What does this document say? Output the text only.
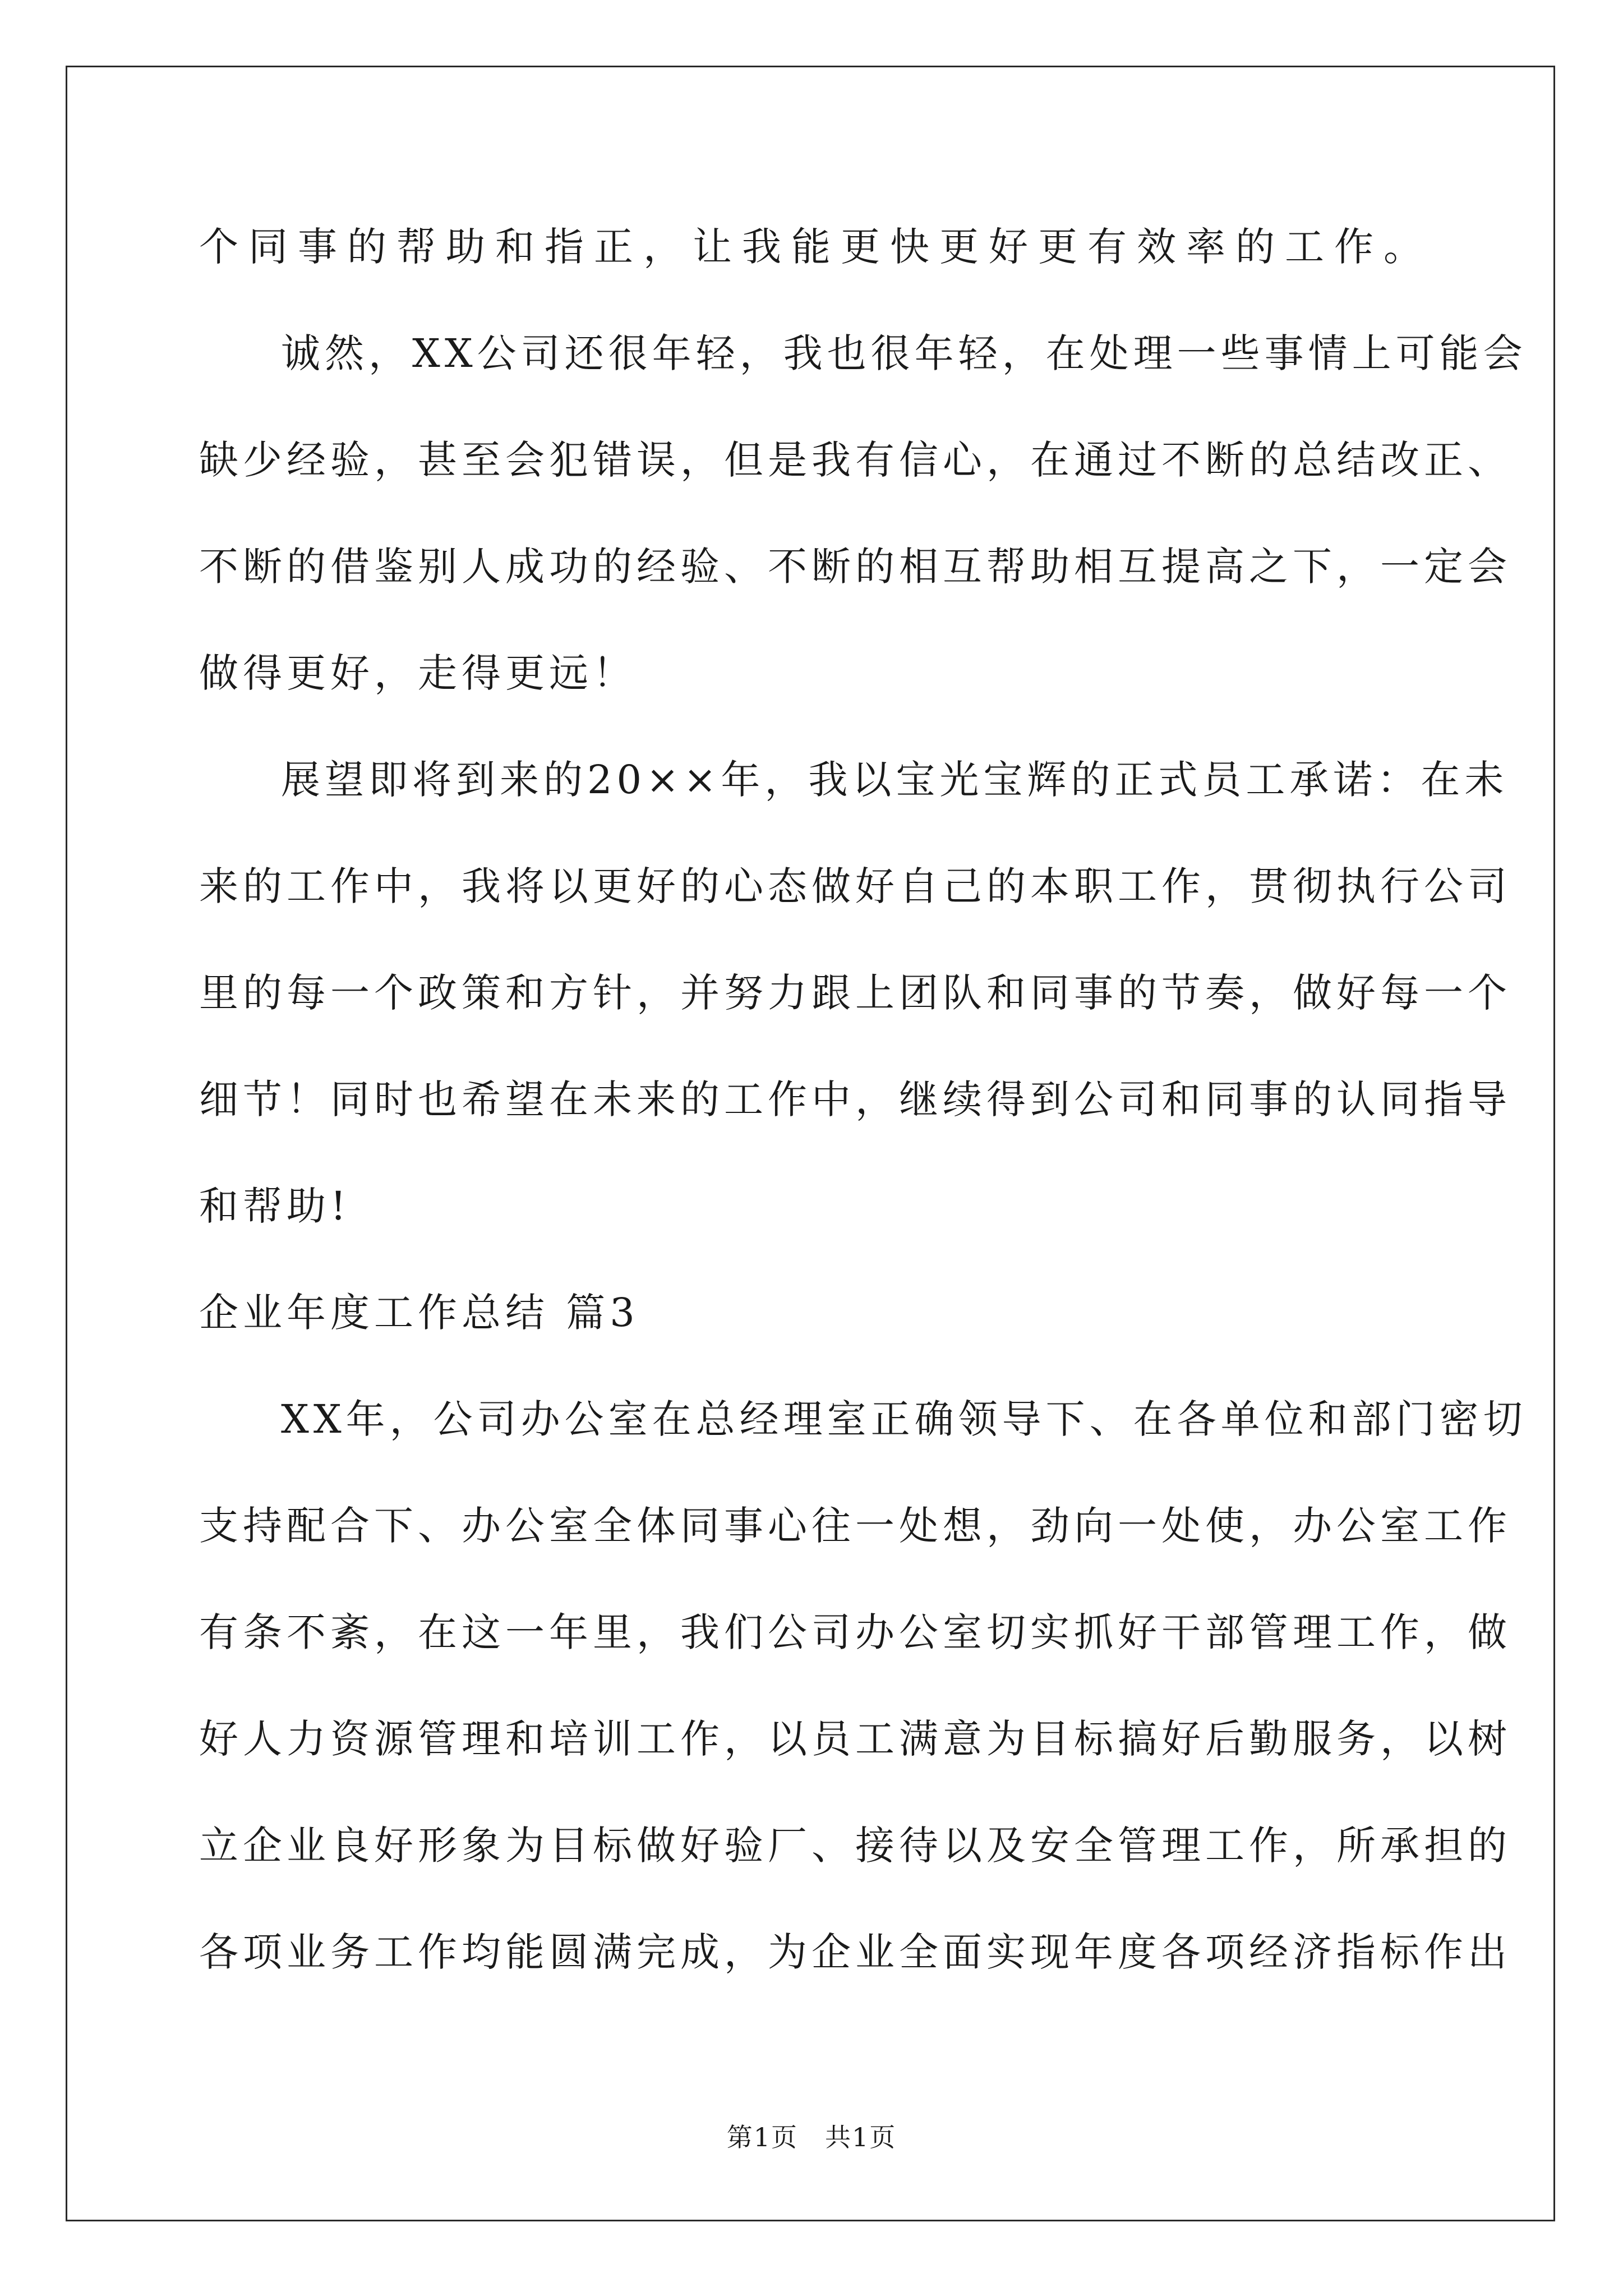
个同事的帮助和指正，让我能更快更好更有效率的工作。
诚然，XX公司还很年轻，我也很年轻，在处理一些事情上可能会
缺少经验，甚至会犯错误，但是我有信心，在通过不断的总结改正、
不断的借鉴别人成功的经验、不断的相互帮助相互提高之下，一定会
做得更好，走得更远！
展望即将到来的20××年，我以宝光宝辉的正式员工承诺：在未
来的工作中，我将以更好的心态做好自己的本职工作，贯彻执行公司
里的每一个政策和方针，并努力跟上团队和同事的节奏，做好每一个
细节！同时也希望在未来的工作中，继续得到公司和同事的认同指导
和帮助!
企业年度工作总结 篇3
XX年，公司办公室在总经理室正确领导下、在各单位和部门密切
支持配合下、办公室全体同事心往一处想，劲向一处使，办公室工作
有条不紊，在这一年里，我们公司办公室切实抓好干部管理工作，做
好人力资源管理和培训工作，以员工满意为目标搞好后勤服务，以树
立企业良好形象为目标做好验厂、接待以及安全管理工作，所承担的
各项业务工作均能圆满完成，为企业全面实现年度各项经济指标作出
第1页　共1页
